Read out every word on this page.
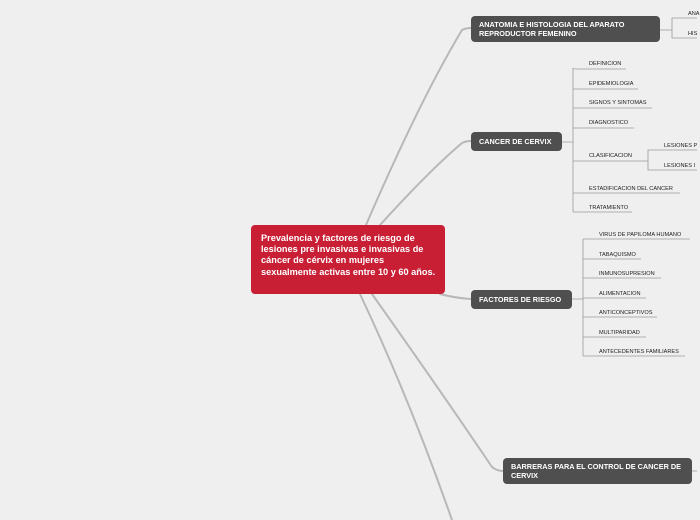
Prevalencia y factores de riesgo de lesiones pre invasivas e invasivas de cáncer de cérvix en mujeres sexualmente activas entre 10 y 60 años.
ANATOMIA E HISTOLOGIA DEL APARATO REPRODUCTOR FEMENINO
ANA
HIS
CANCER DE CERVIX
DEFINICION
EPIDEMIOLOGIA
SIGNOS Y SINTOMAS
DIAGNOSTICO
CLASIFICACION
ESTADIFICACION DEL CANCER
TRATAMIENTO
LESIONES P
LESIONES I
FACTORES DE RIESGO
VIRUS DE PAPILOMA HUMANO
TABAQUISMO
INMUNOSUPRESION
ALIMENTACION
ANTICONCEPTIVOS
MULTIPARIDAD
ANTECEDENTES FAMILIARES
BARRERAS PARA EL CONTROL DE CANCER DE CERVIX
